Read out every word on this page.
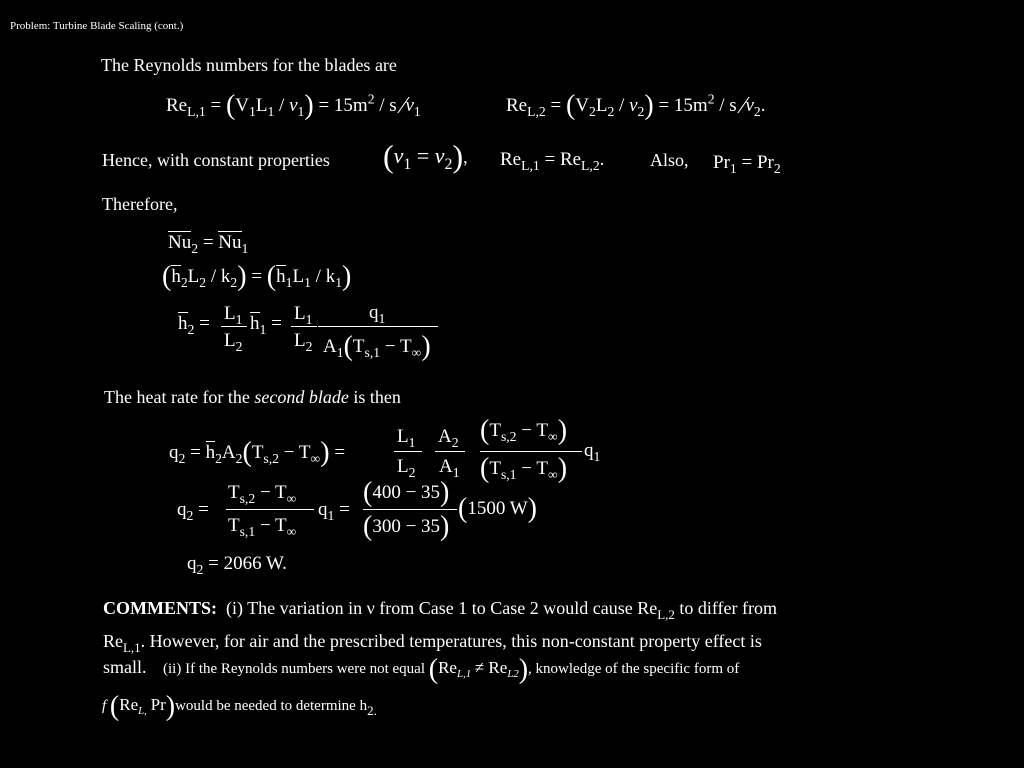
Problem: Turbine Blade Scaling (cont.)
The Reynolds numbers for the blades are
$Re_{L,1} = (V_1L_1 / \nu_1) = 15m^2 / s$ $⁄\nu_1$	$Re_{L,2} = (V_2L_2 / \nu_2) = 15m^2 / s$ $⁄\nu_2$.
Hence, with constant properties $(\nu_1 = \nu_2)$, $Re_{L,1} = Re_{L,2}$.	Also, $Pr_1 = Pr_2$
Therefore,
$Nu_2 = Nu_1$
$(h_2L_2 / k_2) = (h_1L_1 / k_1)$
$h_2 = L_1$
$L_2$
$h_1 = L_1$
$L_2$
$q_1$
$A_1(T_{s,1} - T_\infty)$
The heat rate for the second blade is then
$q_2 = h_2A_2(T_{s,2} - T_\infty)$ =
$L_1$
$L_2$
$A_2$
$A_1$
$(T_{s,2} - T_\infty)$
$(T_{s,1} - T_\infty)$
$q_1$
$q_2$ =
$T_{s,2} - T_\infty$
$T_{s,1} - T_\infty$
$q_1$ =
(400 − 35)
(300 − 35)
(1500 W)
$q_2 = 2066$ W.
COMMENTS: (i) The variation in ν from Case 1 to Case 2 would cause $Re_{L,2}$ to differ from
$Re_{L,1}$. However, for air and the prescribed temperatures, this non-constant property effect is
small. (ii) If the Reynolds numbers were not equal $(Re_{L,1} \ne Re_{L2})$, knowledge of the specific form of
f ($Re_{L,}$ Pr)would be needed to determine $h_{2.}$
